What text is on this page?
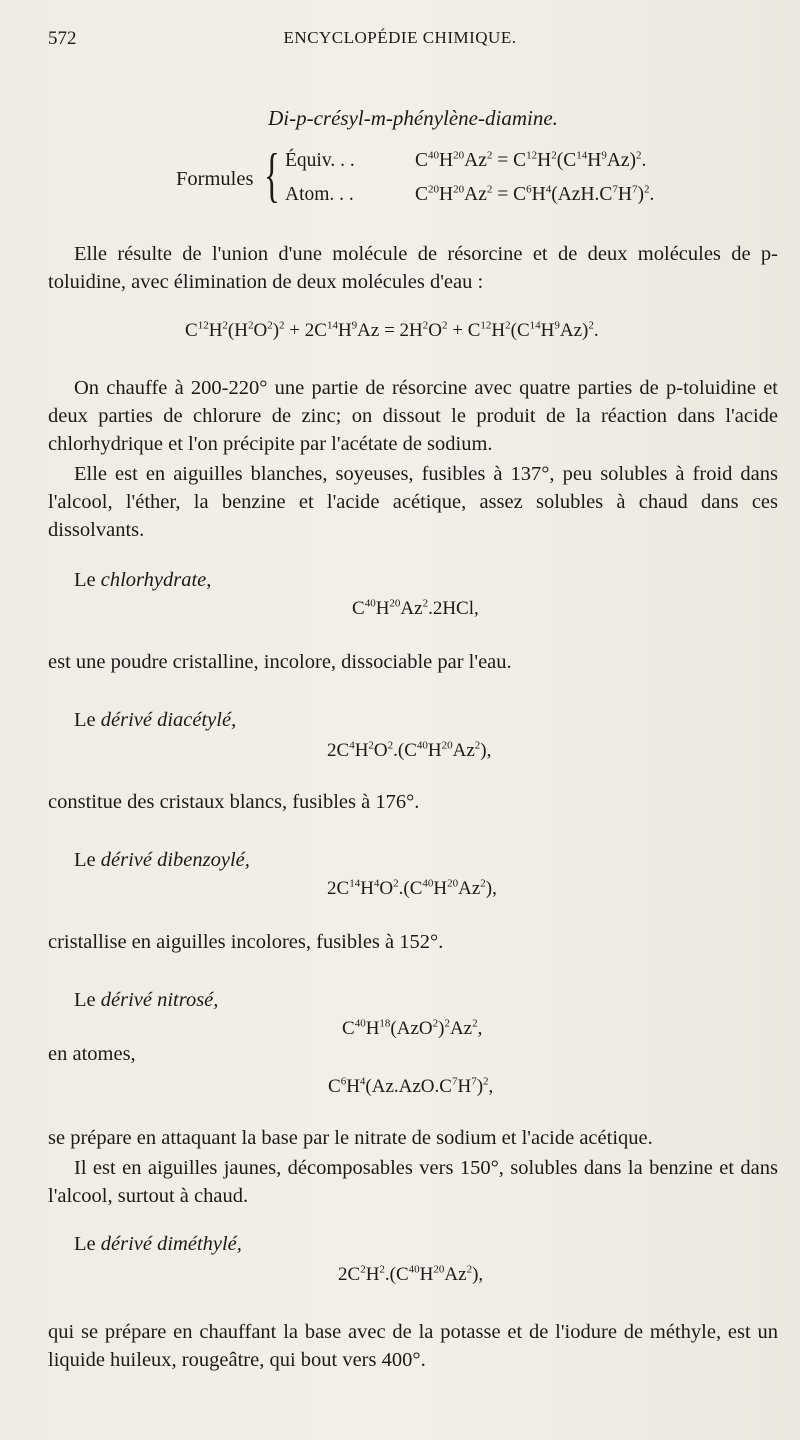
572	ENCYCLOPÉDIE CHIMIQUE.
Di-p-crésyl-m-phénylène-diamine.
Formules { Équiv. . .	$C^{40}H^{20}Az^2 = C^{12}H^2(C^{14}H^9Az)^2$.
Atom. . .	$C^{20}H^{20}Az^2 = C^6H^4(AzH.C^7H^7)^2$.
Elle résulte de l'union d'une molécule de résorcine et de deux molécules de p-toluidine, avec élimination de deux molécules d'eau :
$C^{12}H^2(H^2O^2)^2 + 2C^{14}H^9Az = 2H^2O^2 + C^{12}H^2(C^{14}H^9Az)^2$.
On chauffe à 200-220° une partie de résorcine avec quatre parties de p-toluidine et deux parties de chlorure de zinc; on dissout le produit de la réaction dans l'acide chlorhydrique et l'on précipite par l'acétate de sodium.
Elle est en aiguilles blanches, soyeuses, fusibles à 137°, peu solubles à froid dans l'alcool, l'éther, la benzine et l'acide acétique, assez solubles à chaud dans ces dissolvants.
Le chlorhydrate,
$C^{40}H^{20}Az^2.2HCl$,
est une poudre cristalline, incolore, dissociable par l'eau.
Le dérivé diacétylé,
$2C^4H^2O^2.(C^{40}H^{20}Az^2)$,
constitue des cristaux blancs, fusibles à 176°.
Le dérivé dibenzoylé,
$2C^{14}H^4O^2.(C^{40}H^{20}Az^2)$,
cristallise en aiguilles incolores, fusibles à 152°.
Le dérivé nitrosé,
$C^{40}H^{18}(AzO^2)^2Az^2$,
en atomes,
$C^6H^4(Az.AzO.C^7H^7)^2$,
se prépare en attaquant la base par le nitrate de sodium et l'acide acétique.
Il est en aiguilles jaunes, décomposables vers 150°, solubles dans la benzine et dans l'alcool, surtout à chaud.
Le dérivé diméthylé,
$2C^2H^2.(C^{40}H^{20}Az^2)$,
qui se prépare en chauffant la base avec de la potasse et de l'iodure de méthyle, est un liquide huileux, rougeâtre, qui bout vers 400°.
